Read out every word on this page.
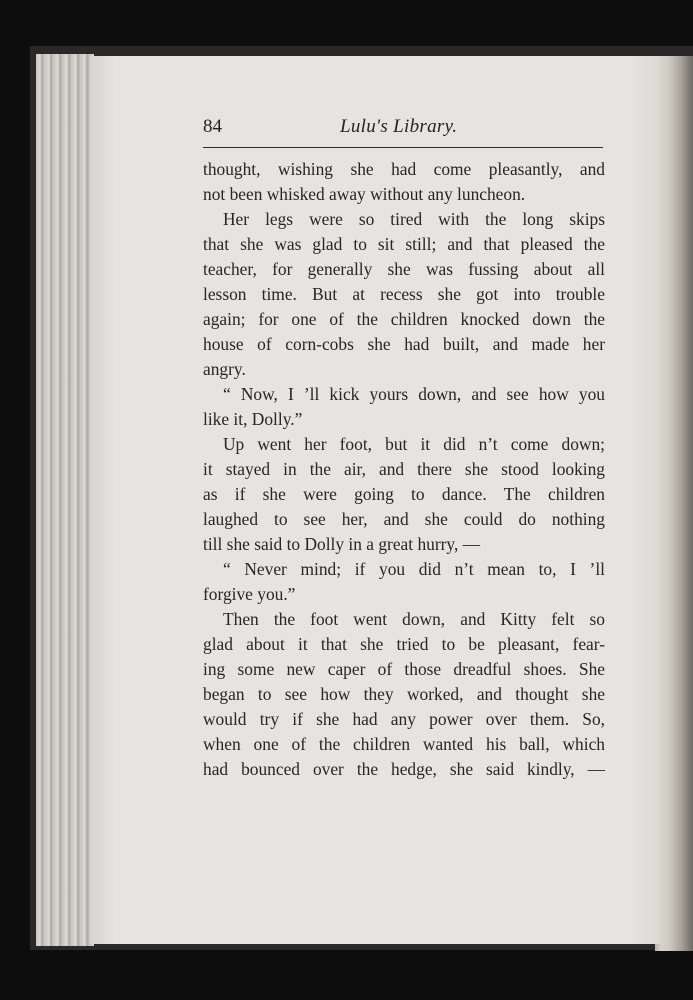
84	Lulu's Library.
thought, wishing she had come pleasantly, and
not been whisked away without any luncheon.
Her legs were so tired with the long skips
that she was glad to sit still; and that pleased the
teacher, for generally she was fussing about all
lesson time. But at recess she got into trouble
again; for one of the children knocked down the
house of corn-cobs she had built, and made her
angry.
“ Now, I ’ll kick yours down, and see how you
like it, Dolly.”
Up went her foot, but it did n’t come down;
it stayed in the air, and there she stood looking
as if she were going to dance. The children
laughed to see her, and she could do nothing
till she said to Dolly in a great hurry, —
“ Never mind; if you did n’t mean to, I ’ll
forgive you.”
Then the foot went down, and Kitty felt so
glad about it that she tried to be pleasant, fear-
ing some new caper of those dreadful shoes. She
began to see how they worked, and thought she
would try if she had any power over them. So,
when one of the children wanted his ball, which
had bounced over the hedge, she said kindly, —
